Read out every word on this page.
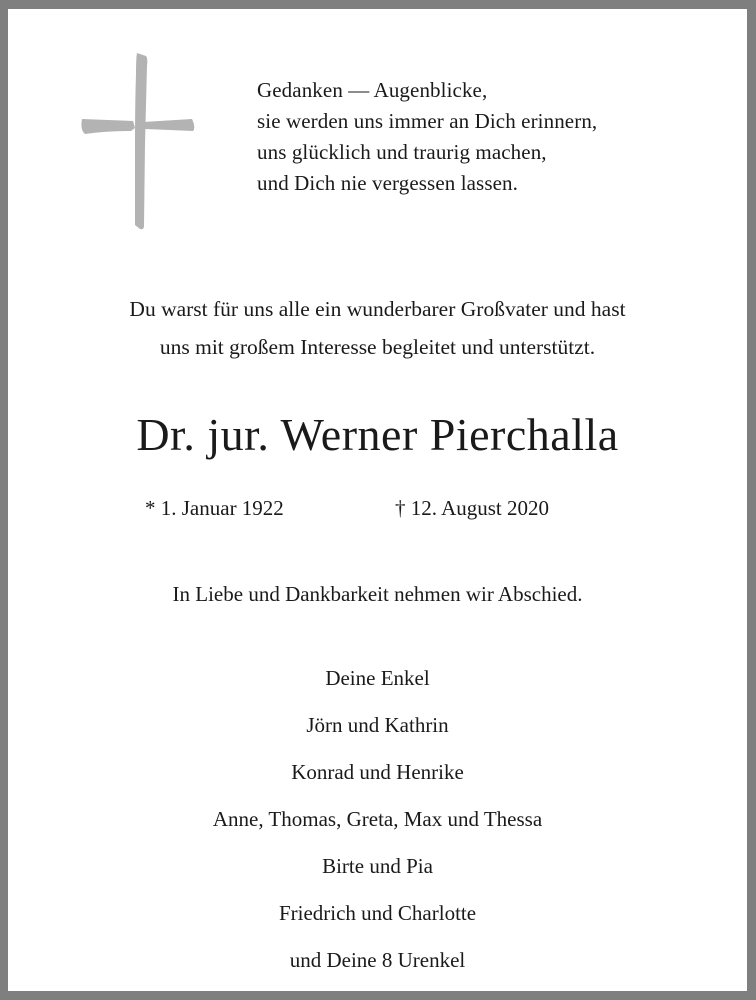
Gedanken — Augenblicke,
sie werden uns immer an Dich erinnern,
uns glücklich und traurig machen,
und Dich nie vergessen lassen.
Du warst für uns alle ein wunderbarer Großvater und hast
uns mit großem Interesse begleitet und unterstützt.
Dr. jur. Werner Pierchalla
* 1. Januar 1922	† 12. August 2020
In Liebe und Dankbarkeit nehmen wir Abschied.
Deine Enkel
Jörn und Kathrin
Konrad und Henrike
Anne, Thomas, Greta, Max und Thessa
Birte und Pia
Friedrich und Charlotte
und Deine 8 Urenkel
